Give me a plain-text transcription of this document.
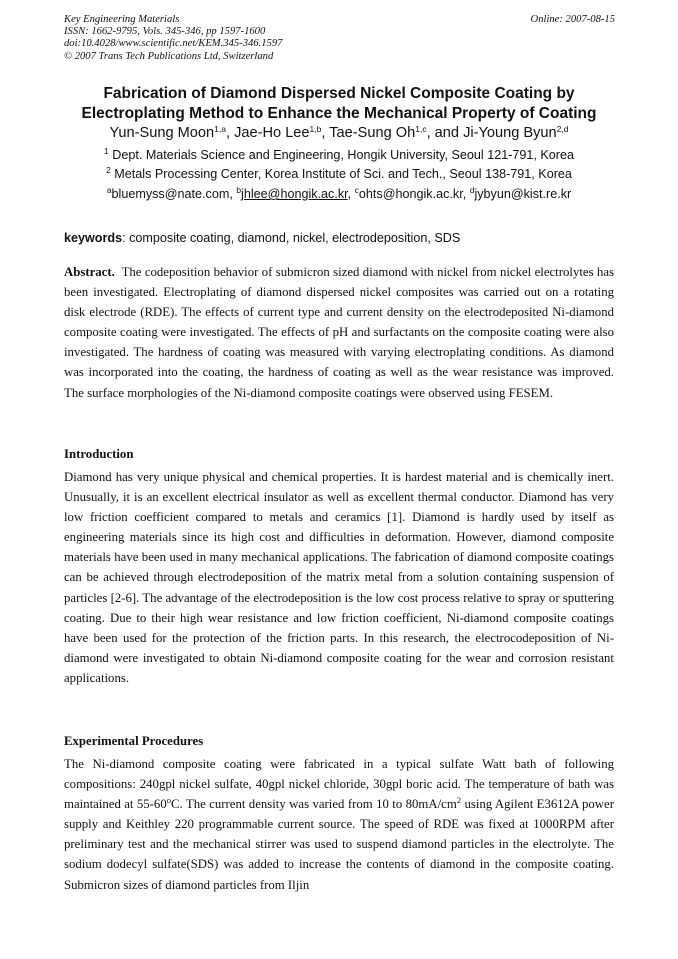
Key Engineering Materials
ISSN: 1662-9795, Vols. 345-346, pp 1597-1600
doi:10.4028/www.scientific.net/KEM.345-346.1597
© 2007 Trans Tech Publications Ltd, Switzerland
Online: 2007-08-15
Fabrication of Diamond Dispersed Nickel Composite Coating by
Electroplating Method to Enhance the Mechanical Property of Coating
Yun-Sung Moon$^{1,a}$, Jae-Ho Lee$^{1,b}$, Tae-Sung Oh$^{1,c}$, and Ji-Young Byun$^{2,d}$
$^1$ Dept. Materials Science and Engineering, Hongik University, Seoul 121-791, Korea
$^2$ Metals Processing Center, Korea Institute of Sci. and Tech., Seoul 138-791, Korea
$^a$bluemyss@nate.com, $^b$jhlee@hongik.ac.kr, $^c$ohts@hongik.ac.kr, $^d$jybyun@kist.re.kr
keywords: composite coating, diamond, nickel, electrodeposition, SDS
Abstract. The codeposition behavior of submicron sized diamond with nickel from nickel electrolytes has been investigated. Electroplating of diamond dispersed nickel composites was carried out on a rotating disk electrode (RDE). The effects of current type and current density on the electrodeposited Ni-diamond composite coating were investigated. The effects of pH and surfactants on the composite coating were also investigated. The hardness of coating was measured with varying electroplating conditions. As diamond was incorporated into the coating, the hardness of coating as well as the wear resistance was improved. The surface morphologies of the Ni-diamond composite coatings were observed using FESEM.
Introduction
Diamond has very unique physical and chemical properties. It is hardest material and is chemically inert. Unusually, it is an excellent electrical insulator as well as excellent thermal conductor. Diamond has very low friction coefficient compared to metals and ceramics [1]. Diamond is hardly used by itself as engineering materials since its high cost and difficulties in deformation. However, diamond composite materials have been used in many mechanical applications. The fabrication of diamond composite coatings can be achieved through electrodeposition of the matrix metal from a solution containing suspension of particles [2-6]. The advantage of the electrodeposition is the low cost process relative to spray or sputtering coating. Due to their high wear resistance and low friction coefficient, Ni-diamond composite coatings have been used for the protection of the friction parts. In this research, the electrocodeposition of Ni-diamond were investigated to obtain Ni-diamond composite coating for the wear and corrosion resistant applications.
Experimental Procedures
The Ni-diamond composite coating were fabricated in a typical sulfate Watt bath of following compositions: 240gpl nickel sulfate, 40gpl nickel chloride, 30gpl boric acid. The temperature of bath was maintained at 55-60$^o$C. The current density was varied from 10 to $80mA/cm^2$ using Agilent E3612A power supply and Keithley 220 programmable current source. The speed of RDE was fixed at 1000RPM after preliminary test and the mechanical stirrer was used to suspend diamond particles in the electrolyte. The sodium dodecyl sulfate(SDS) was added to increase the contents of diamond in the composite coating. Submicron sizes of diamond particles from Iljin
